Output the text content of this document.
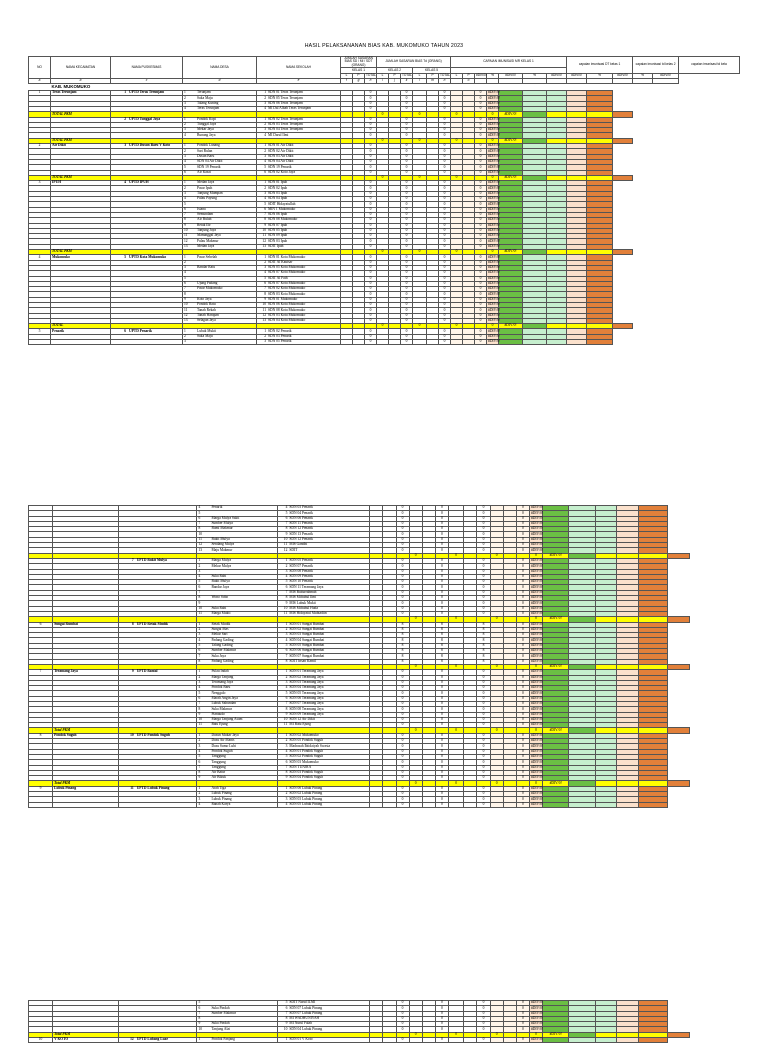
HASIL PELAKSANANAN BIAS KAB. MUKOMUKO TAHUN 2023
NO	NAMA KECAMATAN	NAMA PUSKESMAS	NAMA DESA	NAMA SEKOLAH	JUMLAH SASARAN BIAS SD / MI / SDT (ORANG)			JUMLAH SASARAN BIAS Td (ORANG)						CAPAIAN IMUNISASI MR KELAS 1							capaian imunisasi DT kelas 1			capaian imunisasi td kelas 2		capaian imunisasi td kela
					KELAS 1			KELAS 2			KELAS 5															
					L	P	TOTAL	L	P	TOTAL	L	P	TOTAL	L	P	#DIV/0!	%	#DIV/0!	%	#DIV/0!	#DIV/0!	%	#DIV/0!	%	#DIV/0!	
a	b	c	d	e	f	g	h	i	j	k	l	m	n		o											
	KAB. MUKOMUKO																									
1	Teras Terunjam	1 UPTD Teras Terunjam	1 Terunjam	1 SDN 01 Teras Terunjam			0			0			0			0	#DIV/0!									
			2 Suka Maju	2 SDN 05 Teras Terunjam			0			0			0			0	#DIV/0!									
			3 Talang Kuning	3 SDN 06 Teras Terunjam			0			0			0			0	#DIV/0!									
			4 Teras Terunjam	4 MI Dal Albab Teras Terunjam			0			0			0			0	#DIV/0!									
	TOTAL PKM							0			0			0			0	#DIV/0!								
		2 UPTD Tunggal Jaya	1 Pondok Kopi	1 SDN 02 Teras Terunjam			0			0			0			0	#DIV/0!									
			2 Tunggal Jaya	2 SDN 03 Teras Terunjam			0			0			0			0	#DIV/0!									
			3 Mekar Jaya	3 SDN 04 Teras Terunjam			0			0			0			0	#DIV/0!									
			4 Bunang Jaya	4 MI Darul Ilmi			0			0			0			0	#DIV/0!									
	TOTAL PKM							0			0			0			0	#DIV/0!								
2	Air Dikit	3 UPTD Dusun Baru V Koto	1 Pondok Lunang	1 SDN 01 Air Dikit			0			0			0			0	#DIV/0!									
			2 Sari Bulan	2 SDN 02 Air Dikit			0			0			0			0	#DIV/0!									
			3 Dusun Baru	3 SDN 03 Air Dikit			0			0			0			0	#DIV/0!									
			4 SDN 04 Air Dikit	4 SDN 04 Air Dikit			0			0			0			0	#DIV/0!									
			5 SDN 19 Penarik	5 SDN 19 Penarik			0			0			0			0	#DIV/0!									
			6 Air Kasai	6 SDN 02 Koto Jaya			0			0			0			0	#DIV/0!									
	TOTAL PKM							0			0			0			0	#DIV/0!								
3	IPUH	4 UPTD IPUH	1 Medan Jaya	1 SDN 01 Ipuh			0			0			0			0	#DIV/0!									
			2 Pasar Ipuh	2 SDN 02 Ipuh			0			0			0			0	#DIV/0!									
			3 Tanjung Mumpan	3 SDN 03 Ipuh			0			0			0			0	#DIV/0!									
			4 Pulau Payung	4 SDN 04 Ipuh			0			0			0			0	#DIV/0!									
			5	5 SDIT Hidayatullah			0			0			0			0	#DIV/0!									
			6 Istana	6 MIN 1 Mukomuko			0			0			0			0	#DIV/0!									
			7 Semundam	7 SDN 06 Ipuh			0			0			0			0	#DIV/0!									
			8 Air Buluh	8 SDN 08 Mukomuko			0			0			0			0	#DIV/0!									
			9 Retak Ilir	9 SDN 07 Ipuh			0			0			0			0	#DIV/0!									
			10 Tanjung Jaya	10 SDN 05 Ipuh			0			0			0			0	#DIV/0!									
			11 Manunggal Jaya	11 SDN 09 Ipuh			0			0			0			0	#DIV/0!									
			12 Pulau Makmur	12 SDN 03 Ipuh			0			0			0			0	#DIV/0!									
			13 Medan Jaya	13 SDIT Ipuh			0			0			0			0	#DIV/0!									
	TOTAL PKM							0			0			0			0	#DIV/0!								
4	Mukomuko	5 UPTD Kota Mukomuko	1 Pasar Sebelah	1 SDN 01 Kota Mukomuko			0			0			0			0	#DIV/0!									
			2	2 SDIT Al Kautsar			0			0			0			0	#DIV/0!									
			3 Bandar Ratu	3 SDN 05 Kota Mukomuko			0			0			0			0	#DIV/0!									
			4	4 SDN 07 Kota Mukomuko			0			0			0			0	#DIV/0!									
			5	5 SDIT Al Fath			0			0			0			0	#DIV/0!									
			6 Ujung Padang	6 SDN 07 Kota Mukomuko			0			0			0			0	#DIV/0!									
			7 Pasar Mukomuko	7 SDN 02 Kota Mukomuko			0			0			0			0	#DIV/0!									
			8	8 SDN 03 Kota Mukomuko			0			0			0			0	#DIV/0!									
			9 Koto Jaya	9 SDN 01 Mukomuko			0			0			0			0	#DIV/0!									
			10 Pondok Batu	10 SDN 06 Kota Mukomuko			0			0			0			0	#DIV/0!									
			11 Tanah Rekah	11 SDN 08 Kota Mukomuko			0			0			0			0	#DIV/0!									
			12 Tanah Harapan	12 SDN 03 Kota Mukomuko			0			0			0			0	#DIV/0!									
			13 Selagan Jaya	13 SDN 04 Kota Mukomuko			0			0			0			0	#DIV/0!									
	TOTAL							0			0			0			0	#DIV/0!								
5	Penarik	6 UPTD Penarik	1 Lubuk Mukti	1 SDN 02 Penarik			0			0			0			0	#DIV/0!									
			2 Suka Maju	2 SDN 03 Penarik			0			0			0			0	#DIV/0!									
			3	3 SDN 05 Penarik			0			0			0			0	#DIV/0!									
			4 Penarik	4 SDN 03 Penarik			0			0			0			0	#DIV/0!						
			5	5 SDN 04 Penarik			0			0			0			0	#DIV/0!						
			6 Marga Mulya Sakti	6 SDN 06 Penarik			0			0			0			0	#DIV/0!						
			7 Sumber Mulya	7 SDN 11 Penarik			0			0			0			0	#DIV/0!						
			8 Bumi Makmur	8 SDN 12 Penarik			0			0			0			0	#DIV/0!						
			10	9 SDN 13 Penarik			0			0			0			0	#DIV/0!						
			11 Bukit Mulya	10 SDN 12 Penarik			0			0			0			0	#DIV/0!						
			12 Sendang Mulya	11 MIS Gandhi			0			0			0			0	#DIV/0!						
			13 Maju Makmur	12 SDIT			0			0			0			0	#DIV/0!						
								0			0			0			0	#DIV/0!					
		7 UPTD Bukit Mulya	1 Marga Mulya	1 SDN 05 Penarik			0			0			0			0	#DIV/0!						
			2 Mekar Mulya	2 SDN 07 Penarik			0			0			0			0	#DIV/0!						
			3	3 SDN 08 Penarik			0			0			0			0	#DIV/0!						
			4 Suka Rahi	4 SDN 09 Penarik			0			0			0			0	#DIV/0!						
			5 Bukit Mulya	5 SDN 10 Penarik			0			0			0			0	#DIV/0!						
			6 Bandar Jaya	6 SDN 11 Teramang Jaya			0			0			0			0	#DIV/0!						
			7	7 MIS Baiturrahmah			0			0			0			0	#DIV/0!						
			8 Wono Sobo	8 MIS Miftahul Ilmi			0			0			0			0	#DIV/0!						
			9	9 MIS Lubuk Mukti			0			0			0			0	#DIV/0!						
			10 Suka Rahi	10 MIS Miftahul Huda			0			0			0			0	#DIV/0!						
			11 Marga Mukti	11 MIS Hidayatul Mubtadiin			0			0			0			0	#DIV/0!						
								0			0			0			0	#DIV/0!					
6	Sungai Rumbai	8 UPTD Retak Mudik	1 Retak Mudik	1 SDN 01 Sungai Rumbai			8			8			8			0	#DIV/0!						
			2 Sungai Mas	2 SDN 02 Sungai Rumbai			8			8			8			0	#DIV/0!						
			3 Mekar Sari	3 SDN 03 Sungai Rumbai			8			8			8			0	#DIV/0!						
			4 Padang Gading	4 SDN 04 Sungai Rumbai			8			8			8			0	#DIV/0!						
			5 Talang Gading	5 SDN 05 Sungai Rumbai			8			8			8			0	#DIV/0!						
			6 Sumber Makmur	6 SDN 06 Sungai Rumbai			8			8			8			0	#DIV/0!						
			7 Suka Jaya	7 SDN 07 Sungai Rumbai			8			8			8			0	#DIV/0!						
			8 Padang Gading	8 SDIT Insan Kamil			8			8			8			0	#DIV/0!						
								0			0			0			0	#DIV/0!					
7	Teramang Jaya	9 UPTD Bantal	1 Pulau Indah	1 SDN 01 Teramang Jaya			0			0			0			0	#DIV/0!						
			2 Marga Tanjung	2 SDN 02 Teramang Jaya			0			0			0			0	#DIV/0!						
			3 Teramang Jaya	3 SDN 03 Teramang Jaya			0			0			0			0	#DIV/0!						
			4 Pondok Baru	4 SDN 04 Teramang Jaya			0			0			0			0	#DIV/0!						
			5 Nenggalo	5 SDN 05 Teramang Jaya			0			0			0			0	#DIV/0!						
			6 Marah Angin Jaya	6 SDN 06 Teramang Jaya			0			0			0			0	#DIV/0!						
			7 Lubuk Sahundan	7 SDN 07 Teramang Jaya			0			0			0			0	#DIV/0!						
			8 Suka Makmur	8 SDN 08 Teramang Jaya			0			0			0			0	#DIV/0!						
			9 Pianaudo	9 SDN 09 Teramang Jaya			0			0			0			0	#DIV/0!						
			10 Marga Tanjung Asam	10 SDN 12 Air Dikit			0			0			0			0	#DIV/0!						
			11 Batu Ejung	11 MI Batu Ejung			0			0			0			0	#DIV/0!						
	Total PKM							0			0			0			0	#DIV/0!					
8	Pondok Suguh	10 UPTD Pondok Suguh	1 Dusun Mukar Jaya	1 SDN 02 Mukomuko			0			0			0			0	#DIV/0!						
			2 Dusu Air Manis	2 SDN 05 Pondok Suguh			0			0			0			0	#DIV/0!						
			3 Dusu Sumo Lubi	3 Madrasah Ibtidaiyah Swasta			0			0			0			0	#DIV/0!						
			4 Pondok Suguh	4 SDN 01 Pondok Suguh			0			0			0			0	#DIV/0!						
			5 Tanggung	5 SDN 02 Pondok Suguh			0			0			0			0	#DIV/0!						
			6 Tanggung	6 SDN 03 Mukomuko			0			0			0			0	#DIV/0!						
			7 Tanggung	7 SDN TUNJRA			0			0			0			0	#DIV/0!						
			8 Air Batur	8 SDN 03 Pondok Suguh			0			0			0			0	#DIV/0!						
			9 Air Bikuk	9 SDN 04 Pondok Suguh			0			0			0			0	#DIV/0!						
	Total PKM							0			0			0			0	#DIV/0!					
9	Lubuk Pinang	11 UPTD Lubuk Pinang	1 Arah Tiga	1 SDN 06 Lubuk Pinang			0			0			0			0	#DIV/0!						
			2 Lubuk Pinang	2 SDN 02 Lubuk Pinang			0			0			0			0	#DIV/0!						
			3 Lubuk Pinang	3 SDN 03 Lubuk Pinang			0			0			0			0	#DIV/0!						
			4 Ranah Karya	4 SDN 05 Lubuk Pinang			0			0			0			0	#DIV/0!						
			5	5 SDIT Nurul ILMI			0			0			0			0	#DIV/0!						
			6 Suka Pindah	6 SDN 07 Lubuk Pinang			0			0			0			0	#DIV/0!						
			7 Sumber Makmur	7 SDN 07 Lubuk Pinang			0			0			0			0	#DIV/0!						
			8	8 MI WADHUNIYAH			0			0			0			0	#DIV/0!						
			9 Suka Pindah	9 MI Nurul Falah			0			0			0			0	#DIV/0!						
			10 Tanjung Alai	10 SDN 04 Lubuk Pinang			0			0			0			0	#DIV/0!						
	Total PKM							0			0			0			0	#DIV/0!					
10	V KOTO	12 UPTD Lubang Luar	1 Pondok Panjang	1 SDN 01 V Koto			0			0			0			0	#DIV/0!						
